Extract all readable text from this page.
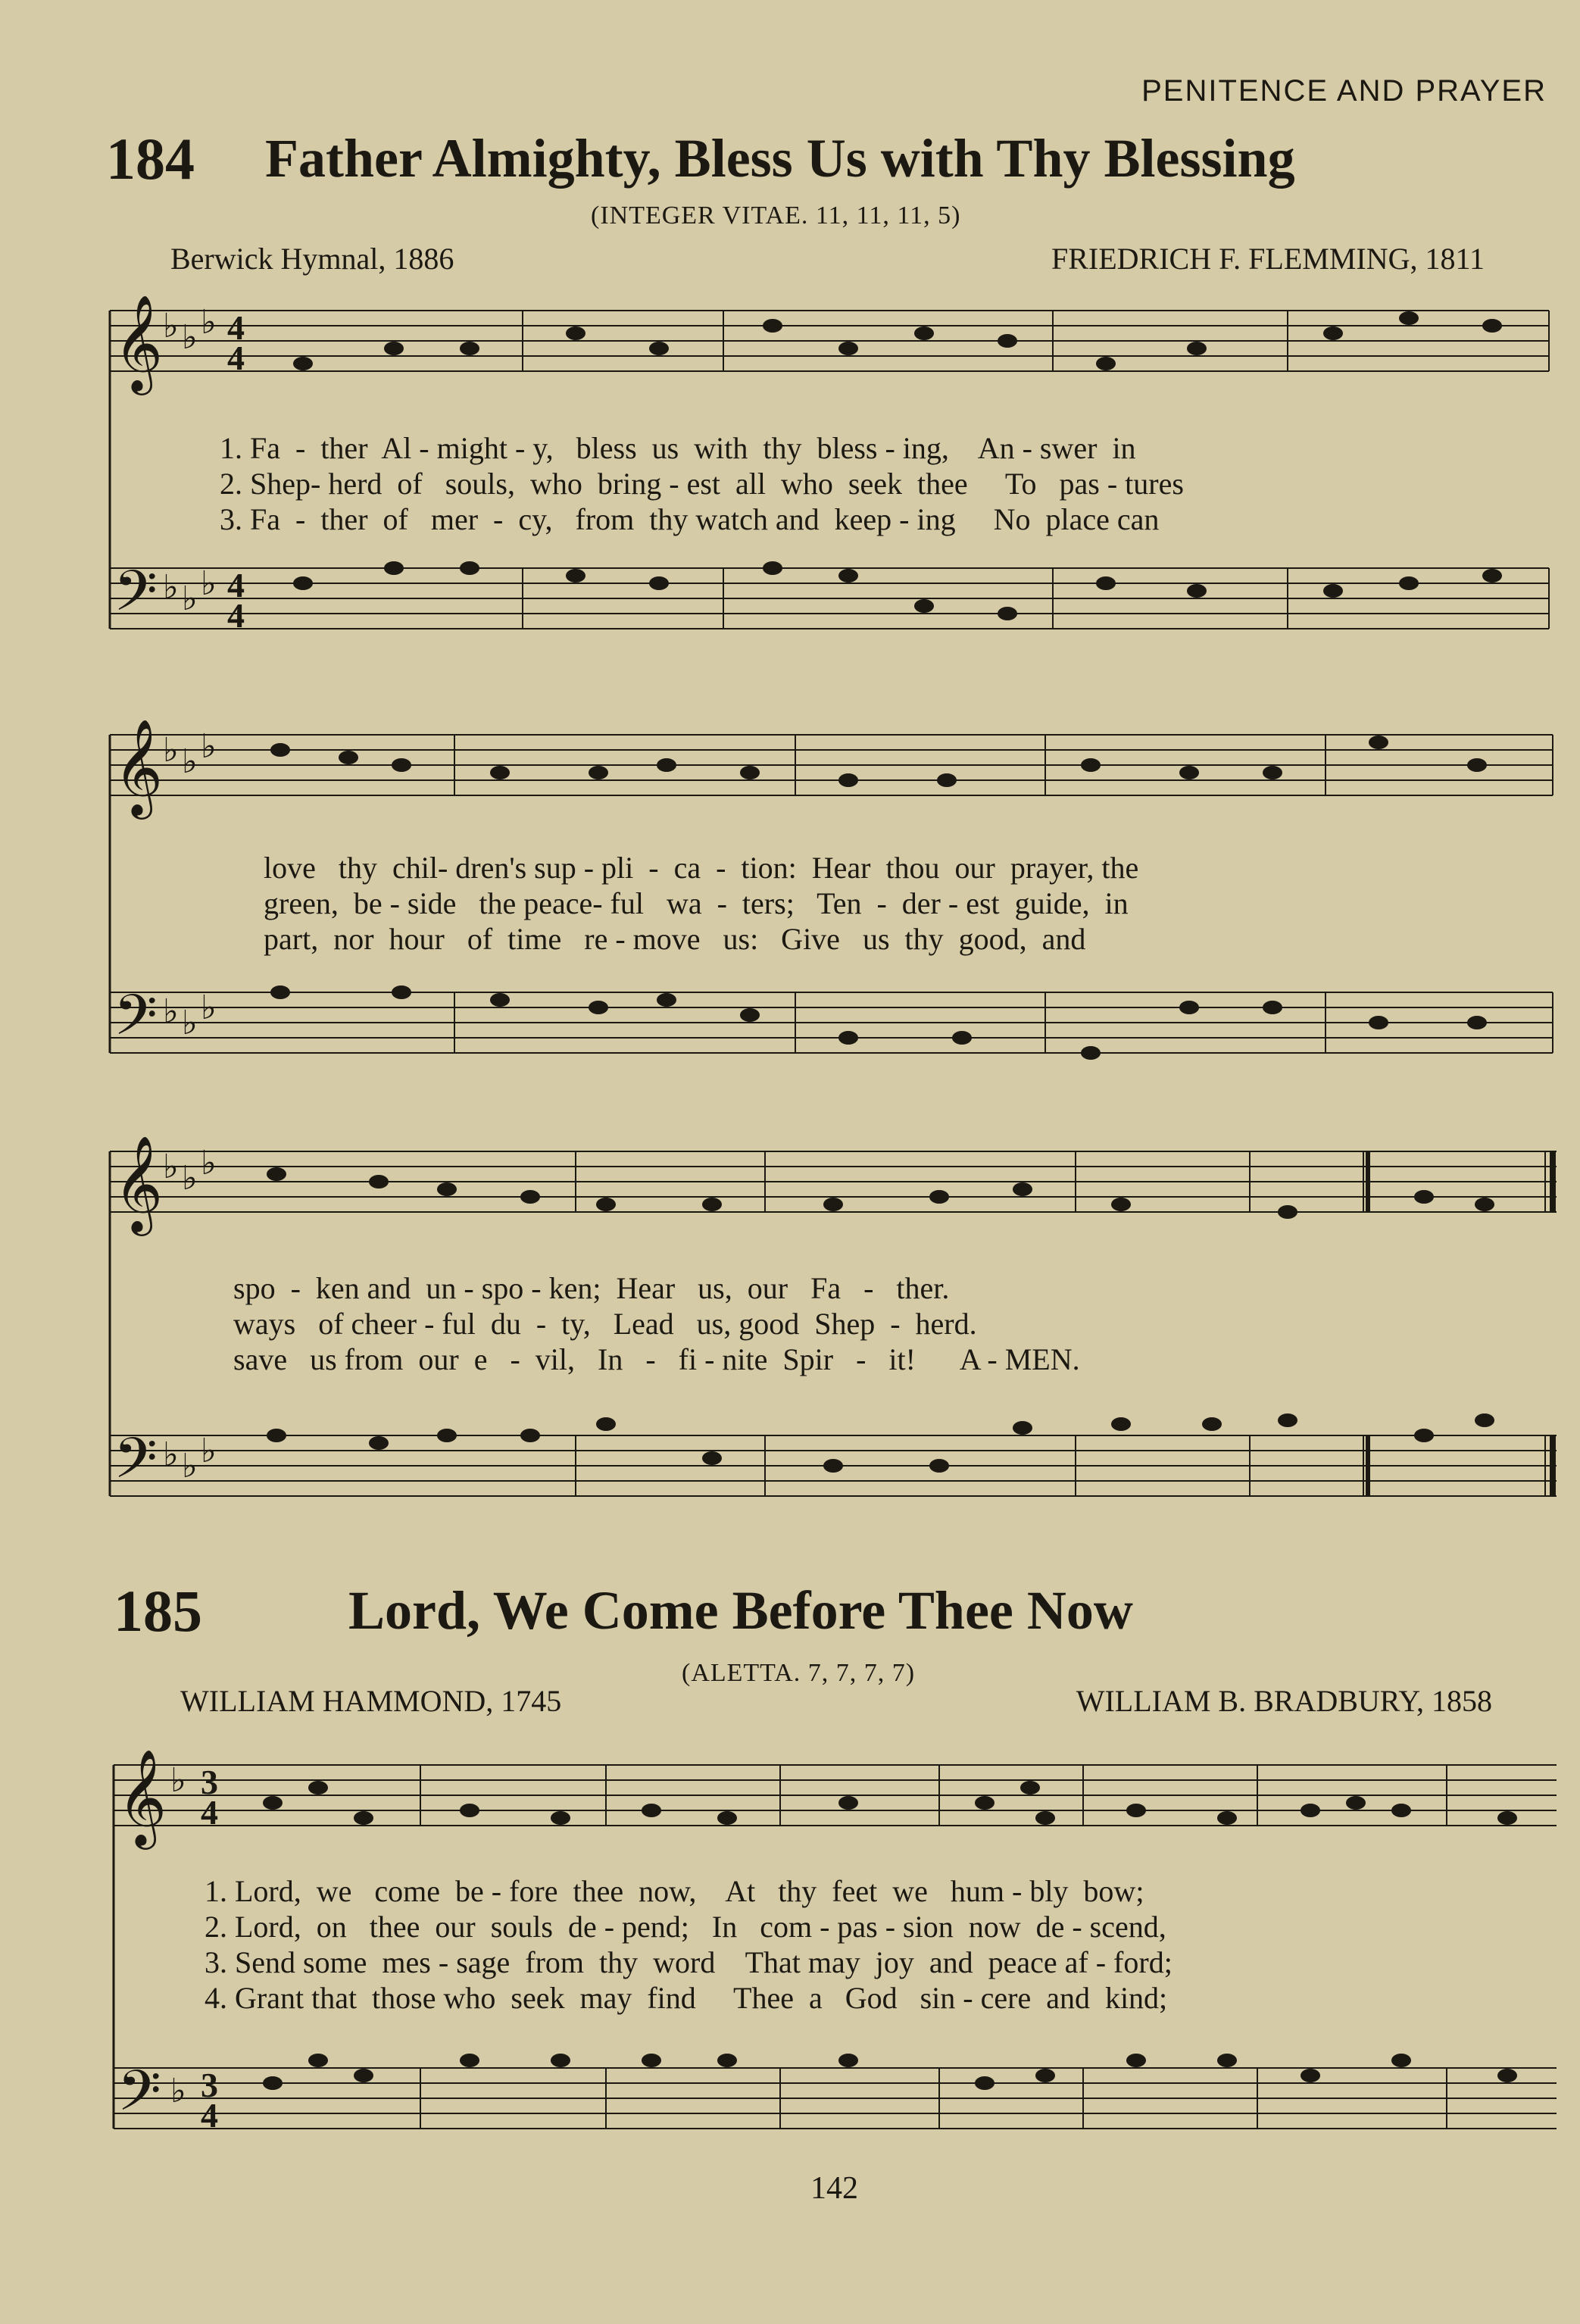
PENITENCE AND PRAYER
184 Father Almighty, Bless Us with Thy Blessing
(INTEGER VITAE. 11, 11, 11, 5)
Berwick Hymnal, 1886	FRIEDRICH F. FLEMMING, 1811
𝄞
𝄢
♭ ♭ ♭
♭ ♭ ♭
4
4
4
4
1. Fa  -  ther  Al - might - y,   bless  us  with  thy  bless - ing,    An - swer  in
2. Shep- herd  of   souls,  who  bring - est  all  who  seek  thee     To   pas - tures
3. Fa  -  ther  of   mer  -  cy,   from  thy watch and  keep - ing     No  place can
𝄞
𝄢
♭ ♭ ♭
♭ ♭ ♭
love   thy  chil- dren's sup - pli  -  ca  -  tion:  Hear  thou  our  prayer, the
green,  be - side   the peace- ful   wa  -  ters;   Ten  -  der - est  guide,  in
part,  nor  hour   of  time   re - move   us:   Give   us  thy  good,  and
𝄞
𝄢
♭ ♭ ♭
♭ ♭ ♭
spo  -  ken and  un - spo - ken;  Hear   us,  our   Fa   -   ther.
ways   of cheer - ful  du  -  ty,   Lead   us, good  Shep  -  herd.
save   us from  our  e   -  vil,   In   -   fi - nite  Spir   -   it!      A - MEN.
185	Lord, We Come Before Thee Now
(ALETTA. 7, 7, 7, 7)
WILLIAM HAMMOND, 1745	WILLIAM B. BRADBURY, 1858
𝄞
𝄢
♭
♭
3
4
3
4
1. Lord,  we   come  be - fore  thee  now,    At   thy  feet  we   hum - bly  bow;
2. Lord,  on   thee  our  souls  de - pend;   In   com - pas - sion  now  de - scend,
3. Send some  mes - sage  from  thy  word    That may  joy  and  peace af - ford;
4. Grant that  those who  seek  may  find     Thee  a   God   sin - cere  and  kind;
142
